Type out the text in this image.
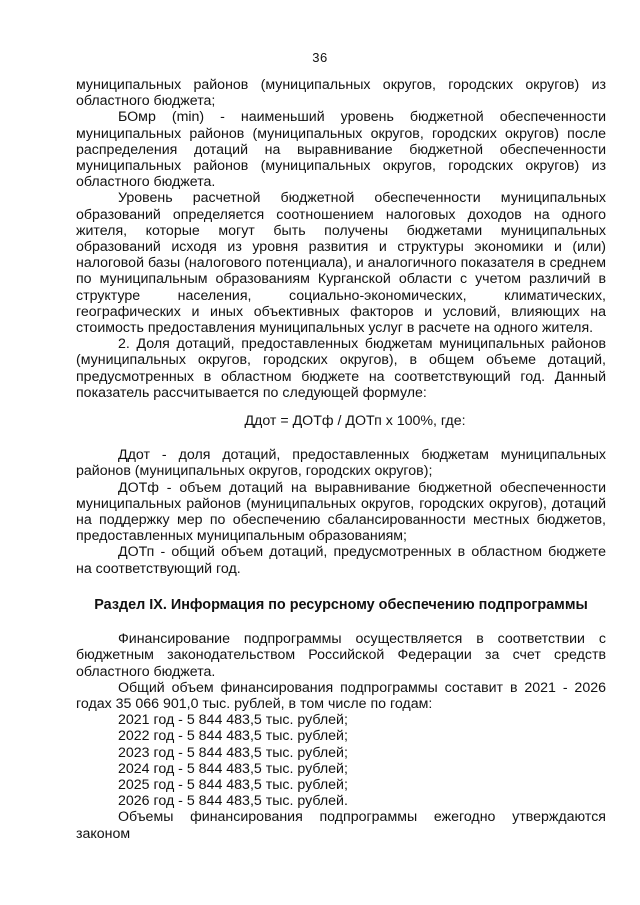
36

муниципальных районов (муниципальных округов, городских округов) из областного бюджета;

БОмр (min) - наименьший уровень бюджетной обеспеченности муниципальных районов (муниципальных округов, городских округов) после распределения дотаций на выравнивание бюджетной обеспеченности муниципальных районов (муниципальных округов, городских округов) из областного бюджета.

Уровень расчетной бюджетной обеспеченности муниципальных образований определяется соотношением налоговых доходов на одного жителя, которые могут быть получены бюджетами муниципальных образований исходя из уровня развития и структуры экономики и (или) налоговой базы (налогового потенциала), и аналогичного показателя в среднем по муниципальным образованиям Курганской области с учетом различий в структуре населения, социально-экономических, климатических, географических и иных объективных факторов и условий, влияющих на стоимость предоставления муниципальных услуг в расчете на одного жителя.

2. Доля дотаций, предоставленных бюджетам муниципальных районов (муниципальных округов, городских округов), в общем объеме дотаций, предусмотренных в областном бюджете на соответствующий год. Данный показатель рассчитывается по следующей формуле:

Ддот = ДОТф / ДОТп х 100%, где:

Ддот - доля дотаций, предоставленных бюджетам муниципальных районов (муниципальных округов, городских округов);

ДОТф - объем дотаций на выравнивание бюджетной обеспеченности муниципальных районов (муниципальных округов, городских округов), дотаций на поддержку мер по обеспечению сбалансированности местных бюджетов, предоставленных муниципальным образованиям;

ДОТп - общий объем дотаций, предусмотренных в областном бюджете на соответствующий год.

Раздел IX. Информация по ресурсному обеспечению подпрограммы

Финансирование подпрограммы осуществляется в соответствии с бюджетным законодательством Российской Федерации за счет средств областного бюджета.

Общий объем финансирования подпрограммы составит в 2021 - 2026 годах 35 066 901,0 тыс. рублей, в том числе по годам:

2021 год - 5 844 483,5 тыс. рублей;
2022 год - 5 844 483,5 тыс. рублей;
2023 год - 5 844 483,5 тыс. рублей;
2024 год - 5 844 483,5 тыс. рублей;
2025 год - 5 844 483,5 тыс. рублей;
2026 год - 5 844 483,5 тыс. рублей.

Объемы финансирования подпрограммы ежегодно утверждаются законом
